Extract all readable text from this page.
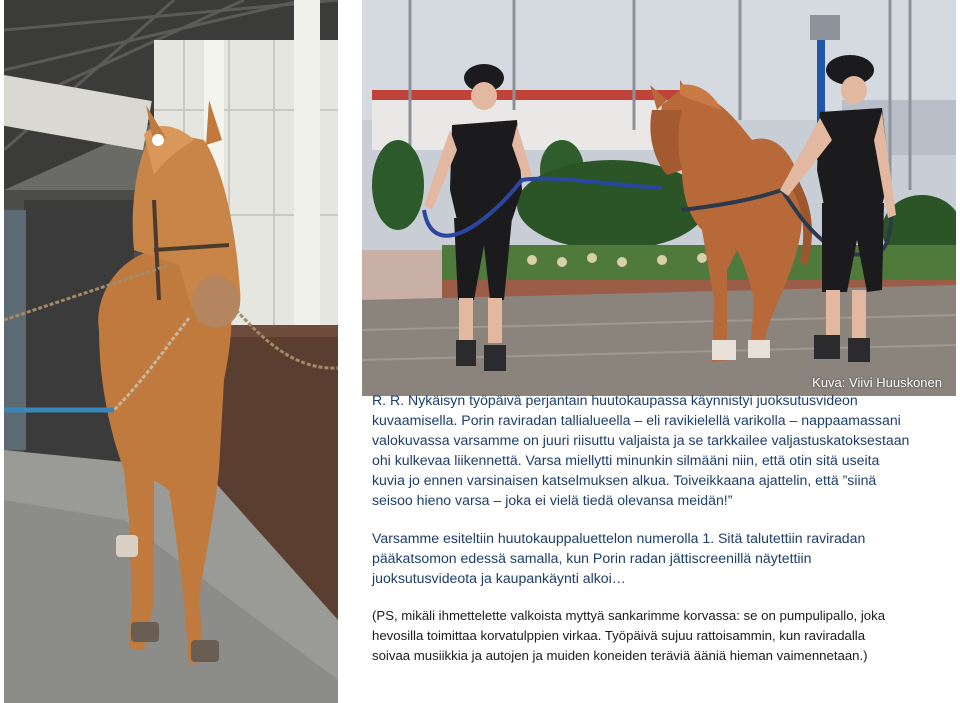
Kuva: Viivi Huuskonen

R. R. Nykäisyn työpäivä perjantain huutokaupassa käynnistyi juoksutusvideon
kuvaamisella. Porin raviradan tallialueella – eli ravikielellä varikolla – nappaamassani
valokuvassa varsamme on juuri riisuttu valjaista ja se tarkkailee valjastuskatoksestaan
ohi kulkevaa liikennettä. Varsa miellytti minunkin silmääni niin, että otin sitä useita
kuvia jo ennen varsinaisen katselmuksen alkua. Toiveikkaana ajattelin, että ”siinä
seisoo hieno varsa – joka ei vielä tiedä olevansa meidän!”

Varsamme esiteltiin huutokauppaluettelon numerolla 1. Sitä talutettiin raviradan
pääkatsomon edessä samalla, kun Porin radan jättiscreenillä näytettiin
juoksutusvideota ja kaupankäynti alkoi…

(PS, mikäli ihmettelette valkoista myttyä sankarimme korvassa: se on pumpulipallo, joka
hevosilla toimittaa korvatulppien virkaa. Työpäivä sujuu rattoisammin, kun raviradalla
soivaa musiikkia ja autojen ja muiden koneiden teräviä ääniä hieman vaimennetaan.)
